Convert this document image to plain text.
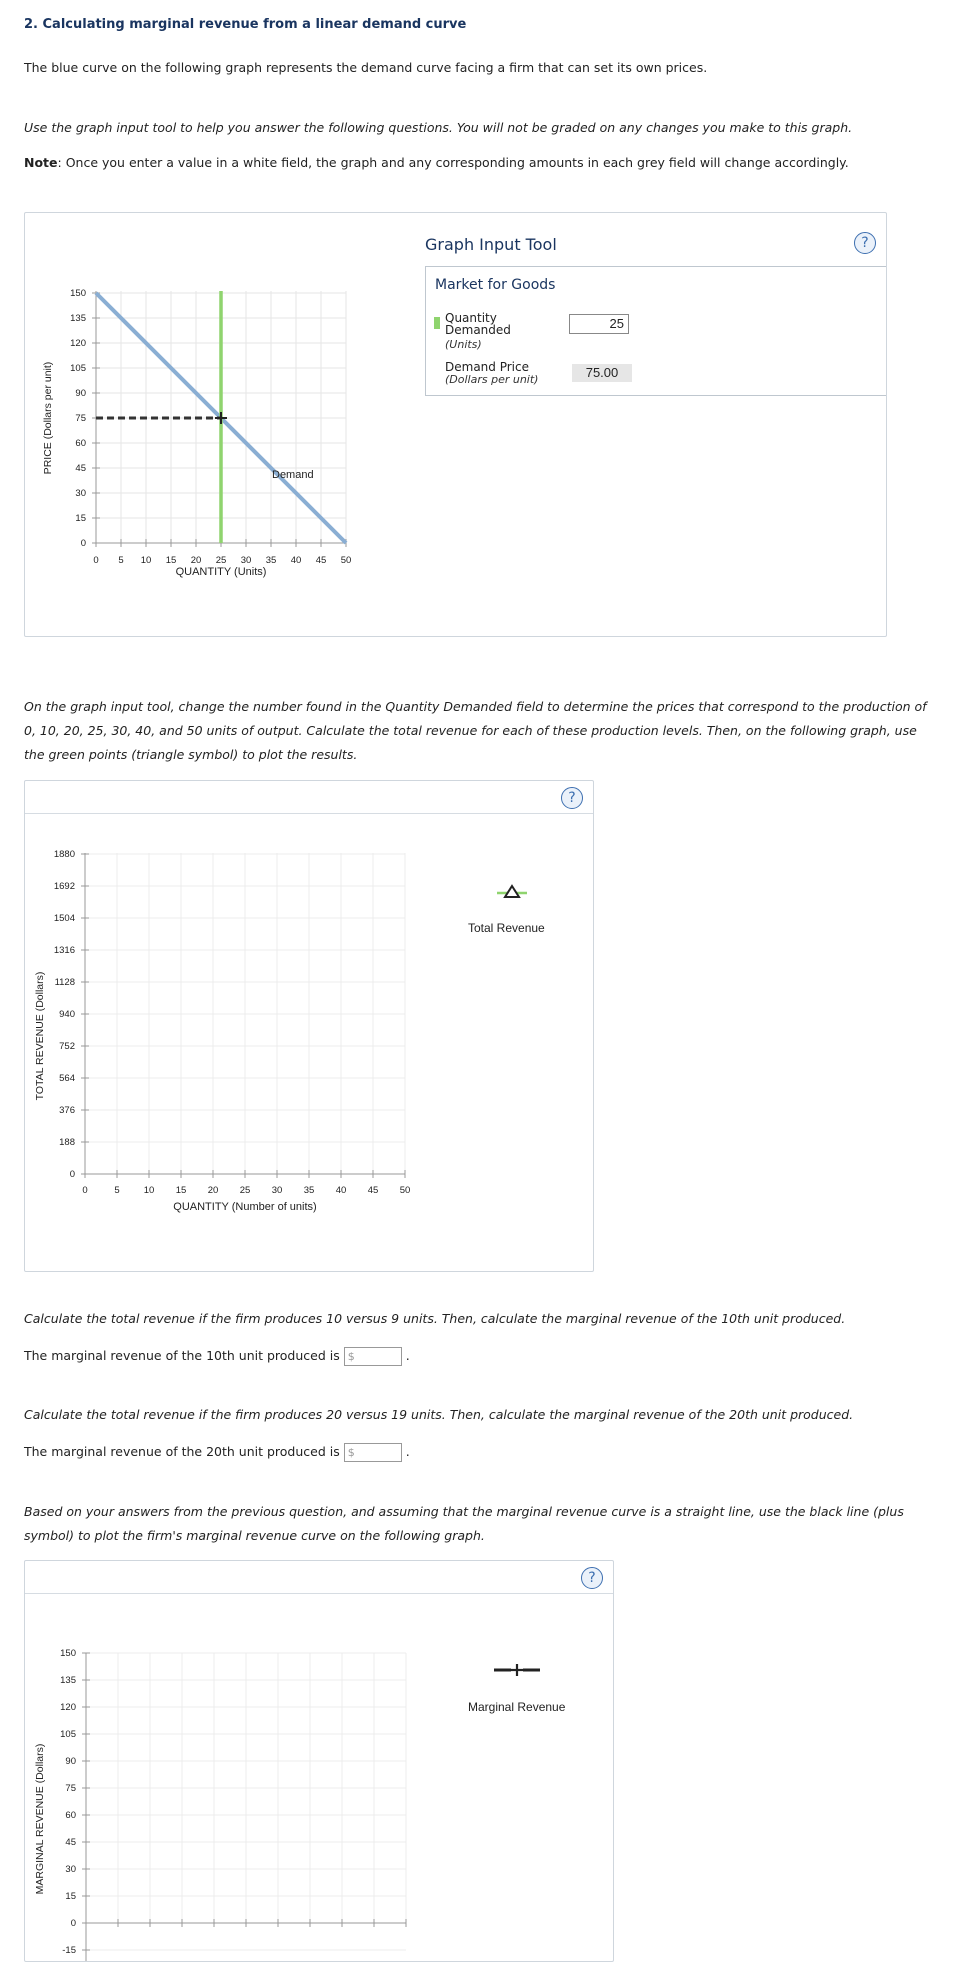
2. Calculating marginal revenue from a linear demand curve
The blue curve on the following graph represents the demand curve facing a firm that can set its own prices.
Use the graph input tool to help you answer the following questions. You will not be graded on any changes you make to this graph.
Note: Once you enter a value in a white field, the graph and any corresponding amounts in each grey field will change accordingly.
0
15
30
45
60
75
90
105
120
135
150
0 5 10 15 20 25 30 35 40 45 50
Demand
QUANTITY (Units)
PRICE (Dollars per unit)
Graph Input Tool	?
Market for Goods
Quantity Demanded
(Units)
25
Demand Price
(Dollars per unit)	75.00
On the graph input tool, change the number found in the Quantity Demanded field to determine the prices that correspond to the production of 0, 10, 20, 25, 30, 40, and 50 units of output. Calculate the total revenue for each of these production levels. Then, on the following graph, use the green points (triangle symbol) to plot the results.
?
0
188
376
564
752
940
1128
1316
1504
1692
1880
0	5	10 15 20 25 30 35 40 45 50
QUANTITY (Number of units)
TOTAL REVENUE (Dollars)
Total Revenue
Calculate the total revenue if the firm produces 10 versus 9 units. Then, calculate the marginal revenue of the 10th unit produced.
The marginal revenue of the 10th unit produced is $	.
Calculate the total revenue if the firm produces 20 versus 19 units. Then, calculate the marginal revenue of the 20th unit produced.
The marginal revenue of the 20th unit produced is $	.
Based on your answers from the previous question, and assuming that the marginal revenue curve is a straight line, use the black line (plus symbol) to plot the firm's marginal revenue curve on the following graph.
?
-15
0
15
30
45
60
75
90
105
120
135
150
MARGINAL REVENUE (Dollars)
Marginal Revenue
